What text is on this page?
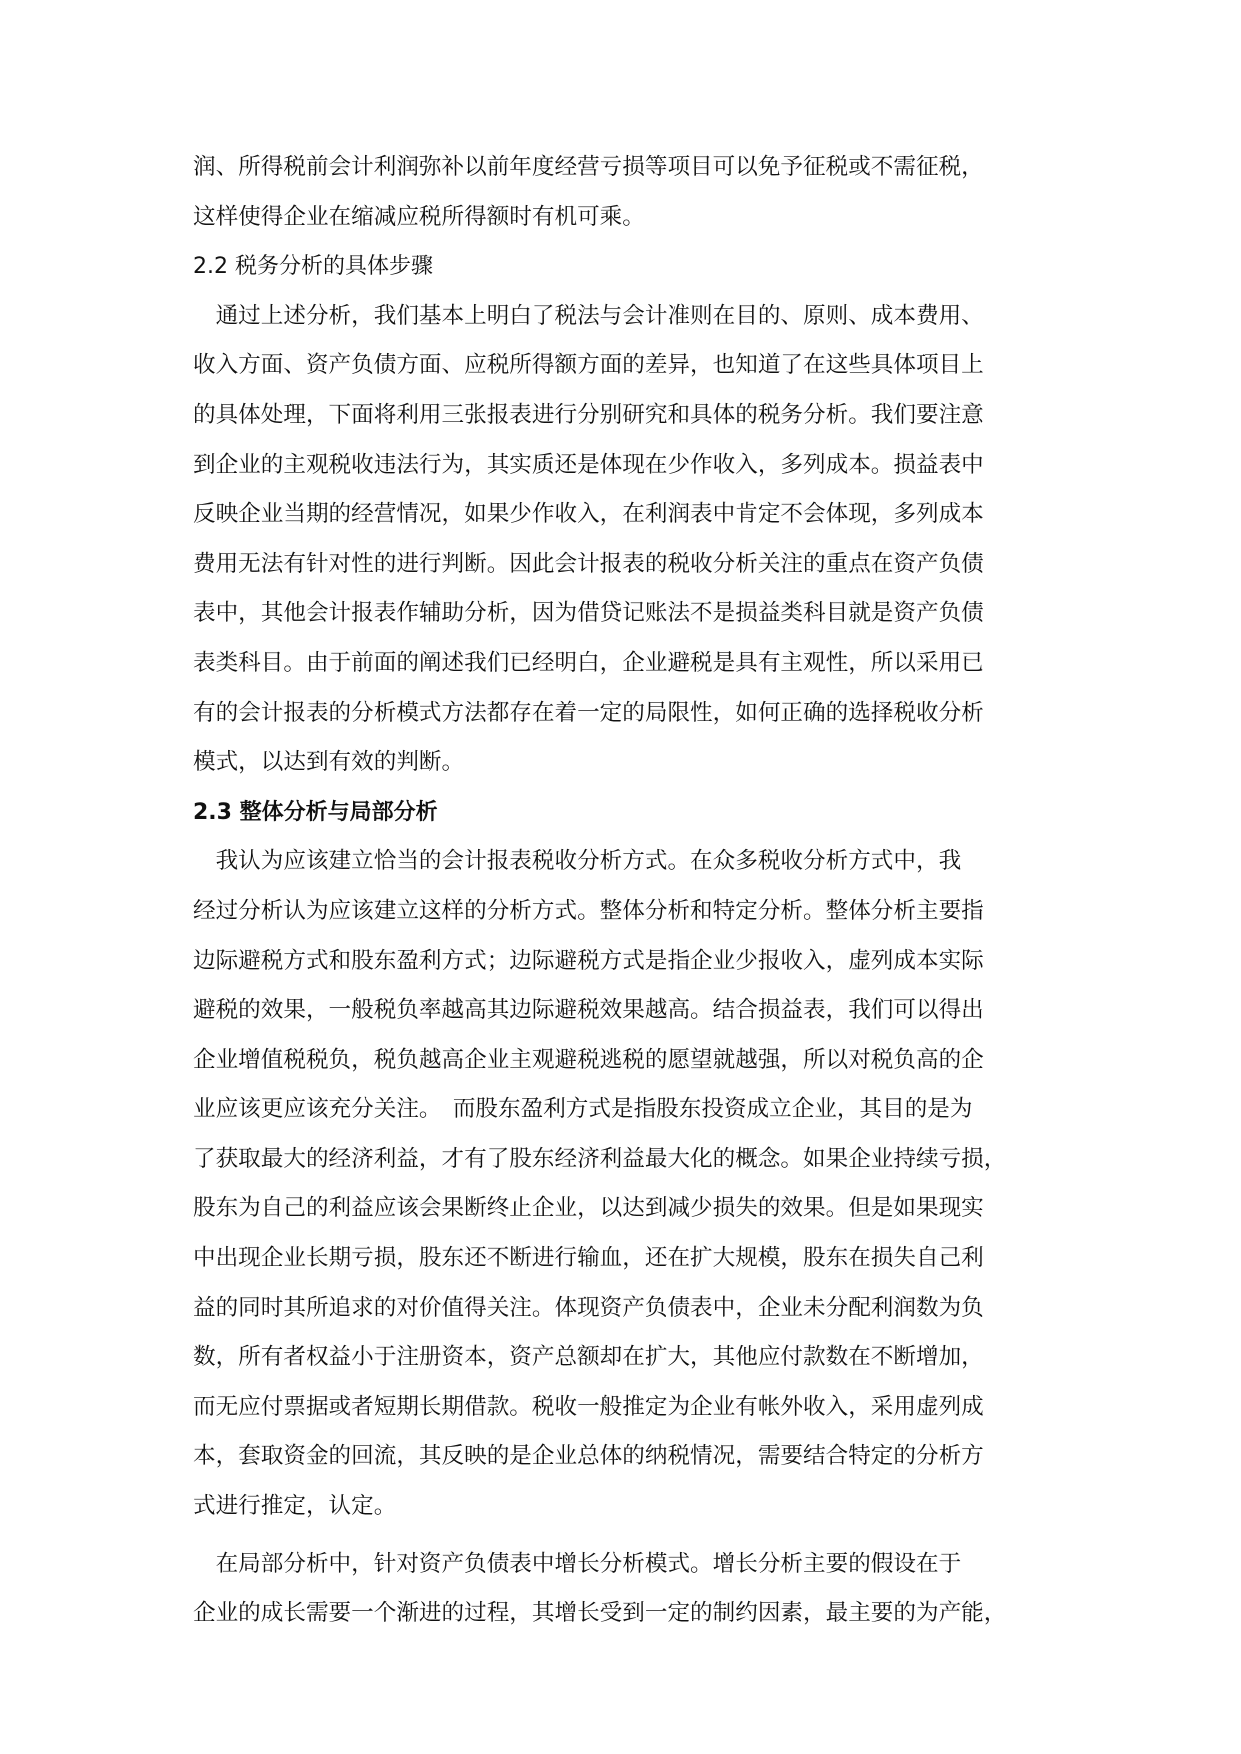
润、所得税前会计利润弥补以前年度经营亏损等项目可以免予征税或不需征税，
这样使得企业在缩减应税所得额时有机可乘。
2.2 税务分析的具体步骤
　通过上述分析，我们基本上明白了税法与会计准则在目的、原则、成本费用、
收入方面、资产负债方面、应税所得额方面的差异，也知道了在这些具体项目上
的具体处理，下面将利用三张报表进行分别研究和具体的税务分析。我们要注意
到企业的主观税收违法行为，其实质还是体现在少作收入，多列成本。损益表中
反映企业当期的经营情况，如果少作收入，在利润表中肯定不会体现，多列成本
费用无法有针对性的进行判断。因此会计报表的税收分析关注的重点在资产负债
表中，其他会计报表作辅助分析，因为借贷记账法不是损益类科目就是资产负债
表类科目。由于前面的阐述我们已经明白，企业避税是具有主观性，所以采用已
有的会计报表的分析模式方法都存在着一定的局限性，如何正确的选择税收分析
模式，以达到有效的判断。
2.3 整体分析与局部分析
　我认为应该建立恰当的会计报表税收分析方式。在众多税收分析方式中，我
经过分析认为应该建立这样的分析方式。整体分析和特定分析。整体分析主要指
边际避税方式和股东盈利方式；边际避税方式是指企业少报收入，虚列成本实际
避税的效果，一般税负率越高其边际避税效果越高。结合损益表，我们可以得出
企业增值税税负，税负越高企业主观避税逃税的愿望就越强，所以对税负高的企
业应该更应该充分关注。　而股东盈利方式是指股东投资成立企业，其目的是为
了获取最大的经济利益，才有了股东经济利益最大化的概念。如果企业持续亏损，
股东为自己的利益应该会果断终止企业，以达到减少损失的效果。但是如果现实
中出现企业长期亏损，股东还不断进行输血，还在扩大规模，股东在损失自己利
益的同时其所追求的对价值得关注。体现资产负债表中，企业未分配利润数为负
数，所有者权益小于注册资本，资产总额却在扩大，其他应付款数在不断增加，
而无应付票据或者短期长期借款。税收一般推定为企业有帐外收入，采用虚列成
本，套取资金的回流，其反映的是企业总体的纳税情况，需要结合特定的分析方
式进行推定，认定。
　在局部分析中，针对资产负债表中增长分析模式。增长分析主要的假设在于
企业的成长需要一个渐进的过程，其增长受到一定的制约因素，最主要的为产能，
